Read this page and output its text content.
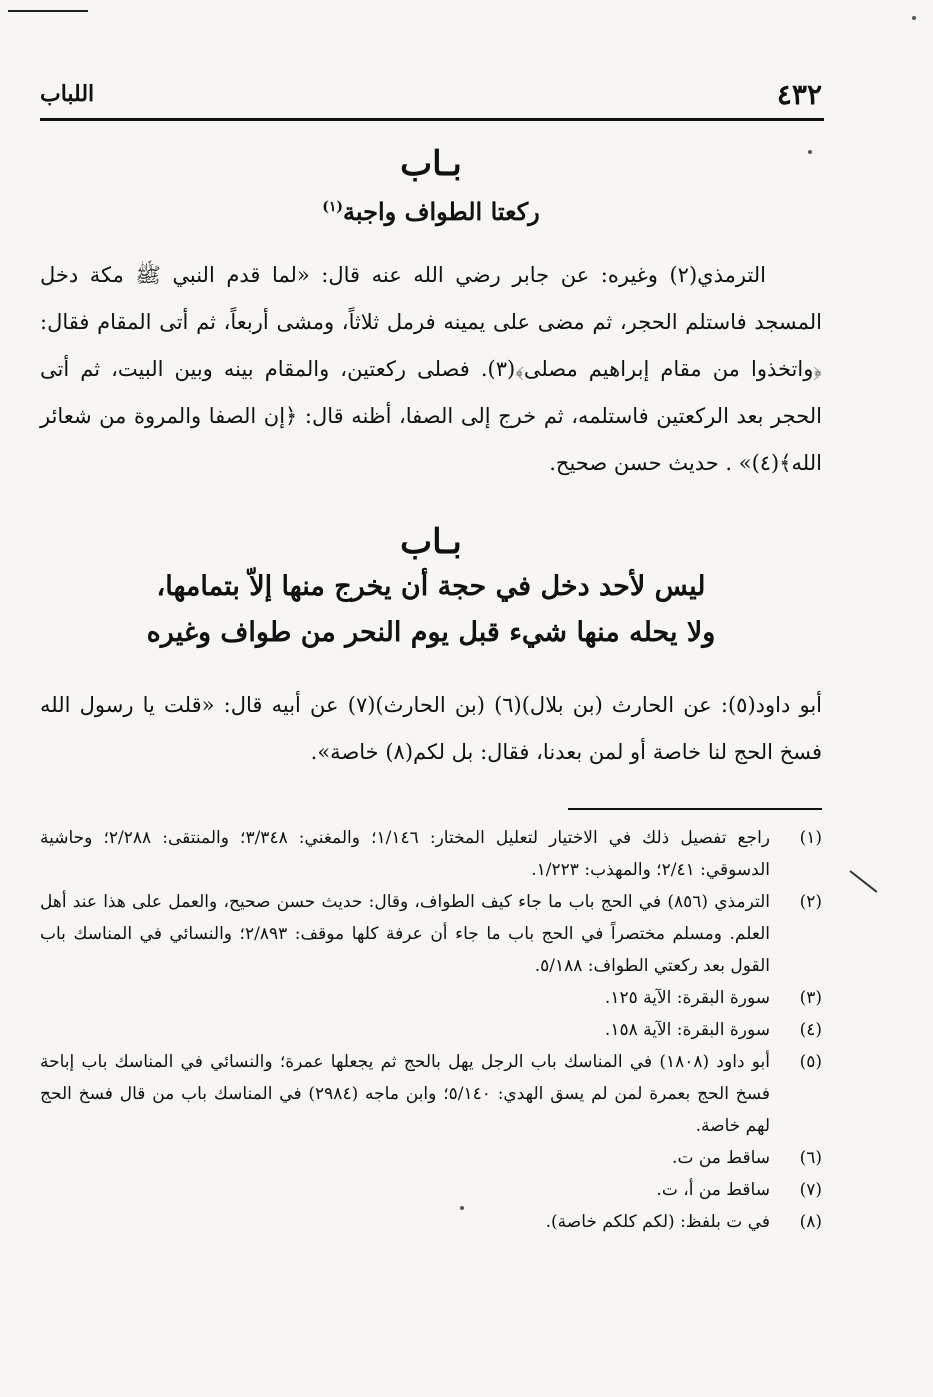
٤٣٢
اللباب
بـاب
ركعتا الطواف واجبة$^{(١)}$
الترمذي(٢) وغيره: عن جابر رضي الله عنه قال: «لما قدم النبي ﷺ مكة دخل المسجد فاستلم الحجر، ثم مضى على يمينه فرمل ثلاثاً، ومشى أربعاً، ثم أتى المقام فقال: ﴿واتخذوا من مقام إبراهيم مصلى﴾(٣). فصلى ركعتين، والمقام بينه وبين البيت، ثم أتى الحجر بعد الركعتين فاستلمه، ثم خرج إلى الصفا، أظنه قال: ﴿إن الصفا والمروة من شعائر الله﴾(٤)» . حديث حسن صحيح.
بـاب
ليس لأحد دخل في حجة أن يخرج منها إلاّ بتمامها،
ولا يحله منها شيء قبل يوم النحر من طواف وغيره
أبو داود(٥): عن الحارث (بن بلال)(٦) (بن الحارث)(٧) عن أبيه قال: «قلت يا رسول الله فسخ الحج لنا خاصة أو لمن بعدنا، فقال: بل لكم(٨) خاصة».
(١)
راجع تفصيل ذلك في الاختيار لتعليل المختار: ١/١٤٦؛ والمغني: ٣/٣٤٨؛ والمنتقى: ٢/٢٨٨؛ وحاشية الدسوقي: ٢/٤١؛ والمهذب: ١/٢٢٣.
(٢)
الترمذي (٨٥٦) في الحج باب ما جاء كيف الطواف، وقال: حديث حسن صحيح، والعمل على هذا عند أهل العلم. ومسلم مختصراً في الحج باب ما جاء أن عرفة كلها موقف: ٢/٨٩٣؛ والنسائي في المناسك باب القول بعد ركعتي الطواف: ٥/١٨٨.
(٣)
سورة البقرة: الآية ١٢٥.
(٤)
سورة البقرة: الآية ١٥٨.
(٥)
أبو داود (١٨٠٨) في المناسك باب الرجل يهل بالحج ثم يجعلها عمرة؛ والنسائي في المناسك باب إباحة فسخ الحج بعمرة لمن لم يسق الهدي: ٥/١٤٠؛ وابن ماجه (٢٩٨٤) في المناسك باب من قال فسخ الحج لهم خاصة.
(٦)
ساقط من ت.
(٧)
ساقط من أ، ت.
(٨)
في ت بلفظ: (لكم كلكم خاصة).
